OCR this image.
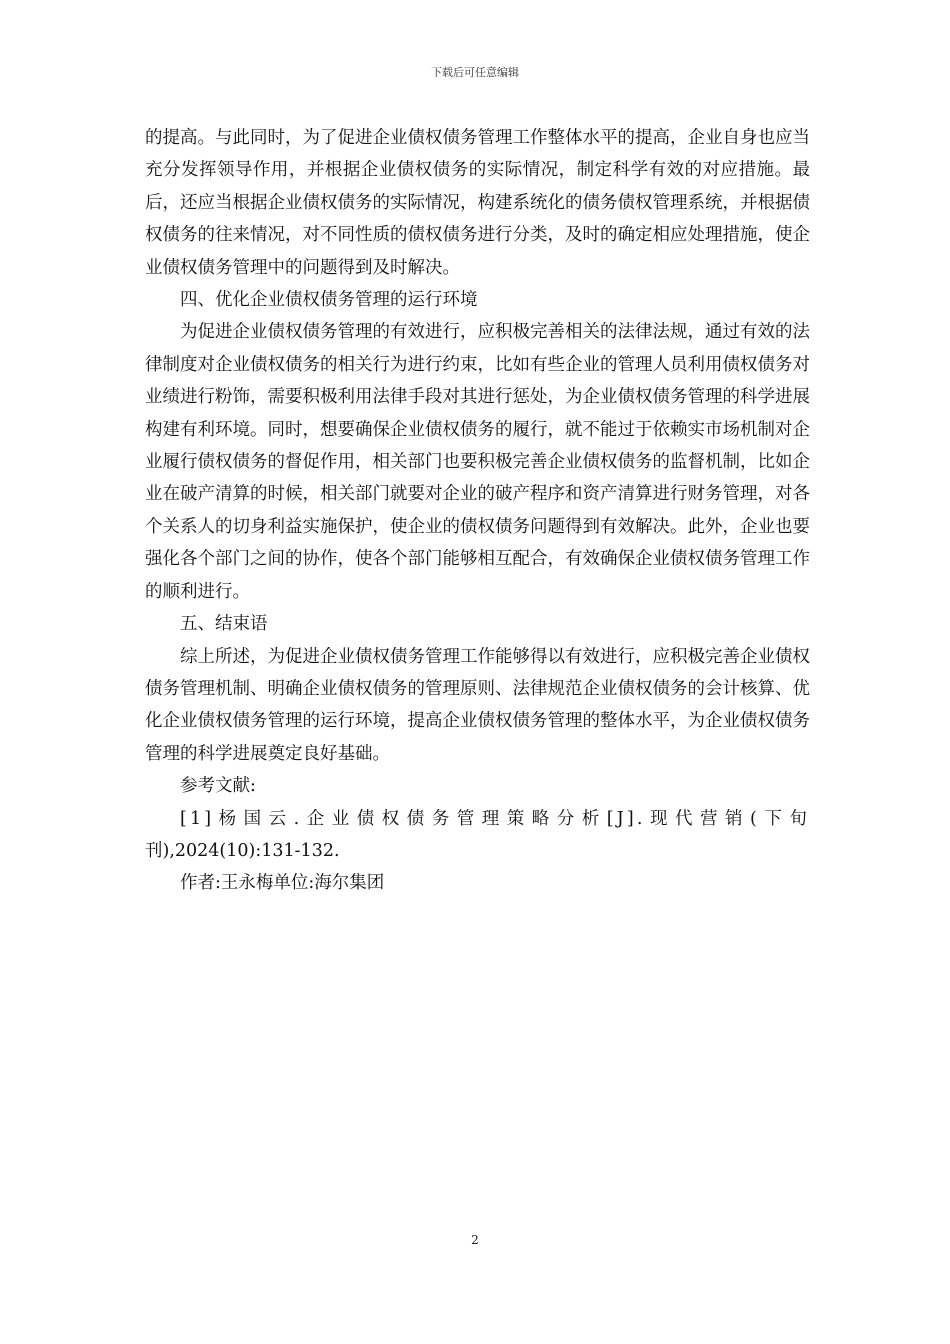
下载后可任意编辑

的提高。与此同时，为了促进企业债权债务管理工作整体水平的提高，企业自身也应当充分发挥领导作用，并根据企业债权债务的实际情况，制定科学有效的对应措施。最后，还应当根据企业债权债务的实际情况，构建系统化的债务债权管理系统，并根据债权债务的往来情况，对不同性质的债权债务进行分类，及时的确定相应处理措施，使企业债权债务管理中的问题得到及时解决。

四、优化企业债权债务管理的运行环境

为促进企业债权债务管理的有效进行，应积极完善相关的法律法规，通过有效的法律制度对企业债权债务的相关行为进行约束，比如有些企业的管理人员利用债权债务对业绩进行粉饰，需要积极利用法律手段对其进行惩处，为企业债权债务管理的科学进展构建有利环境。同时，想要确保企业债权债务的履行，就不能过于依赖实市场机制对企业履行债权债务的督促作用，相关部门也要积极完善企业债权债务的监督机制，比如企业在破产清算的时候，相关部门就要对企业的破产程序和资产清算进行财务管理，对各个关系人的切身利益实施保护，使企业的债权债务问题得到有效解决。此外，企业也要强化各个部门之间的协作，使各个部门能够相互配合，有效确保企业债权债务管理工作的顺利进行。

五、结束语

综上所述，为促进企业债权债务管理工作能够得以有效进行，应积极完善企业债权债务管理机制、明确企业债权债务的管理原则、法律规范企业债权债务的会计核算、优化企业债权债务管理的运行环境，提高企业债权债务管理的整体水平，为企业债权债务管理的科学进展奠定良好基础。

参考文献:

[1]杨国云.企业债权债务管理策略分析[J].现代营销(下旬刊),2024(10):131-132.

作者:王永梅单位:海尔集团

2
